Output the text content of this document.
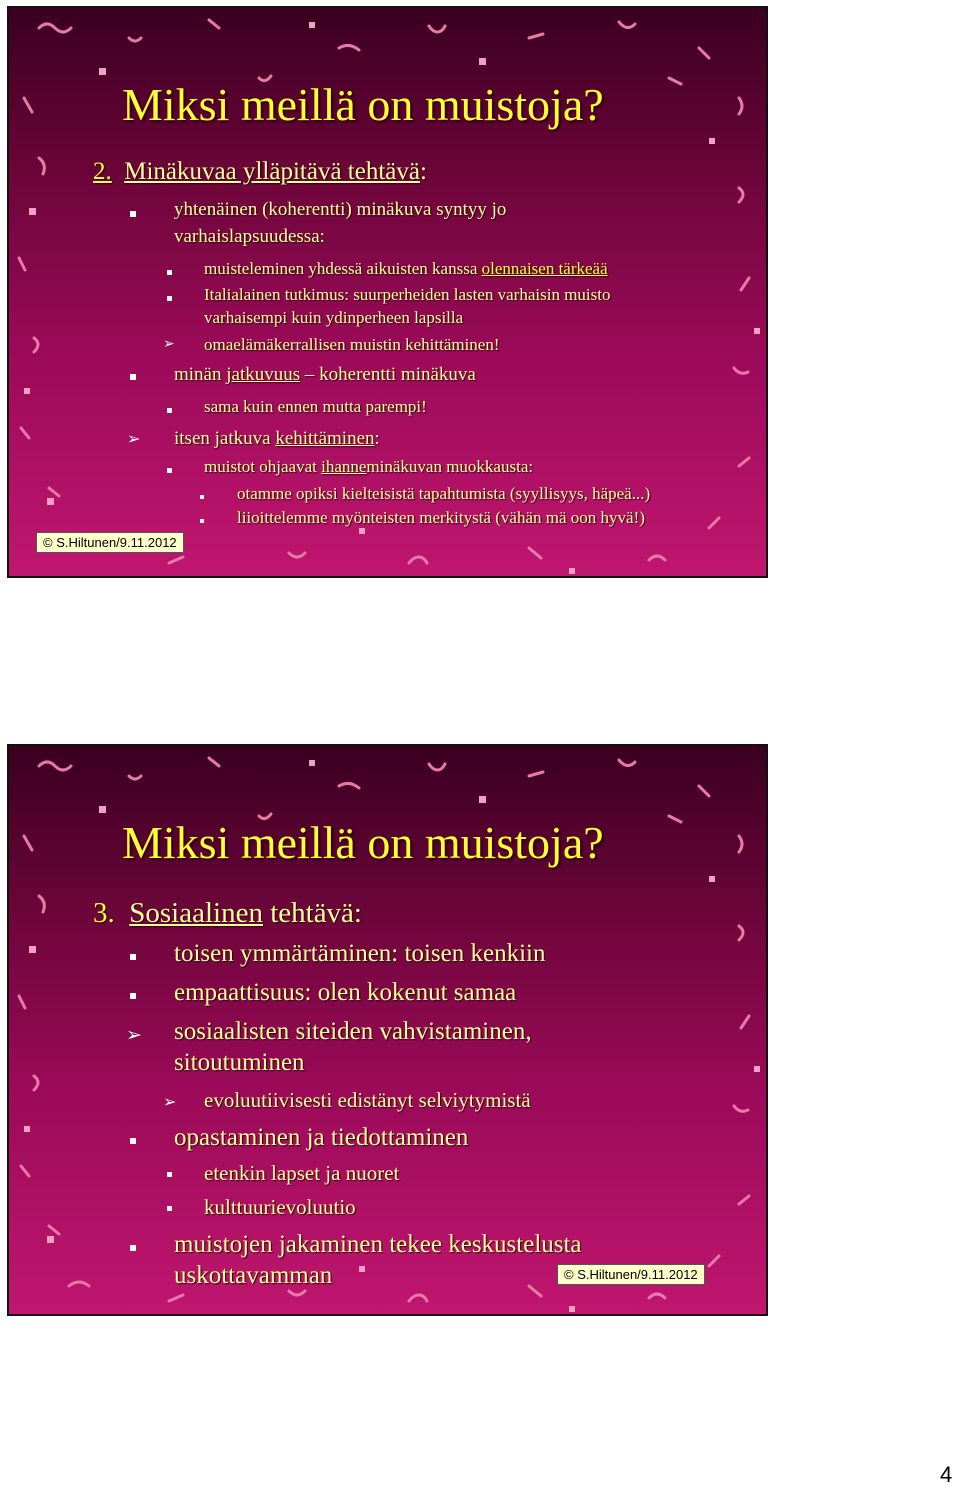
Miksi meillä on muistoja?
2. Minäkuvaa ylläpitävä tehtävä:
yhtenäinen (koherentti) minäkuva syntyy jo
varhaislapsuudessa:
muisteleminen yhdessä aikuisten kanssa olennaisen tärkeää
Italialainen tutkimus: suurperheiden lasten varhaisin muisto
varhaisempi kuin ydinperheen lapsilla
➢ omaelämäkerrallisen muistin kehittäminen!
minän jatkuvuus – koherentti minäkuva
sama kuin ennen mutta parempi!
➢ itsen jatkuva kehittäminen:
muistot ohjaavat ihanneminäkuvan muokkausta:
otamme opiksi kielteisistä tapahtumista (syyllisyys, häpeä...)
liioittelemme myönteisten merkitystä (vähän mä oon hyvä!)
© S.Hiltunen/9.11.2012
Miksi meillä on muistoja?
3. Sosiaalinen tehtävä:
toisen ymmärtäminen: toisen kenkiin
empaattisuus: olen kokenut samaa
➢ sosiaalisten siteiden vahvistaminen,
sitoutuminen
➢ evoluutiivisesti edistänyt selviytymistä
opastaminen ja tiedottaminen
etenkin lapset ja nuoret
kulttuurievoluutio
muistojen jakaminen tekee keskustelusta
uskottavamman	© S.Hiltunen/9.11.2012
4
